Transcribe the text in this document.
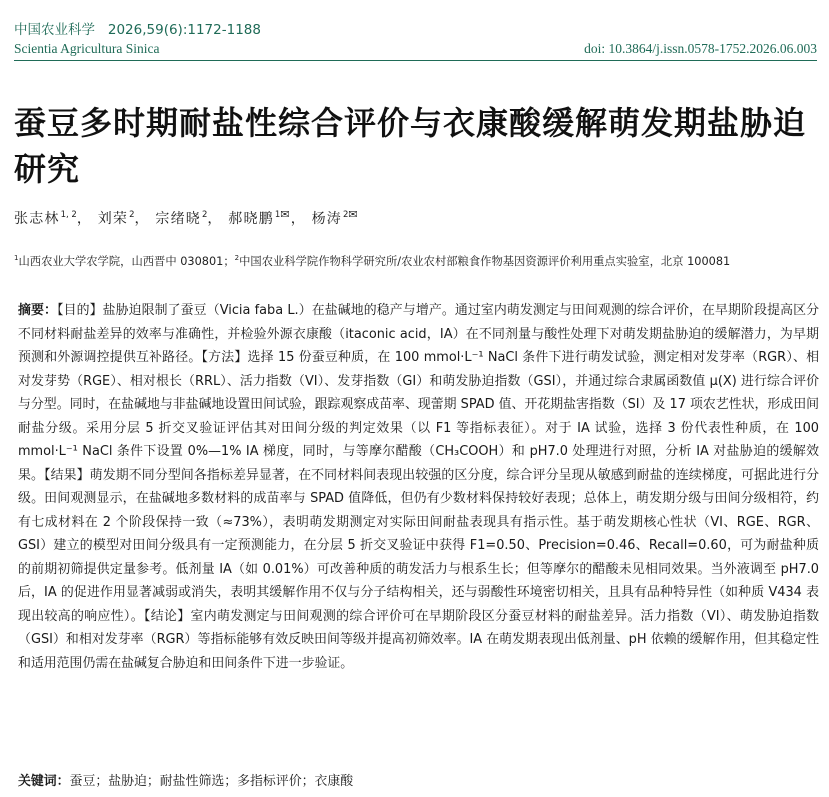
中国农业科学 2026,59(6):1172-1188
Scientia Agricultura Sinica	doi: 10.3864/j.issn.0578-1752.2026.06.003
蚕豆多时期耐盐性综合评价与衣康酸缓解萌发期盐胁迫研究
张志林$^{1, 2}$， 刘荣$^2$， 宗绪晓$^2$， 郝晓鹏$^{1✉}$， 杨涛$^{2✉}$
$^1$山西农业大学农学院，山西晋中 030801；$^2$中国农业科学院作物科学研究所/农业农村部粮食作物基因资源评价利用重点实验室，北京 100081

摘要：【目的】盐胁迫限制了蚕豆（Vicia faba L.）在盐碱地的稳产与增产。通过室内萌发测定与田间观测的综合评价，在早期阶段提高区分不同材料耐盐差异的效率与准确性，并检验外源衣康酸（itaconic acid，IA）在不同剂量与酸性处理下对萌发期盐胁迫的缓解潜力，为早期预测和外源调控提供互补路径。【方法】选择 15 份蚕豆种质，在 100 mmol·L⁻¹ NaCl 条件下进行萌发试验，测定相对发芽率（RGR）、相对发芽势（RGE）、相对根长（RRL）、活力指数（VI）、发芽指数（GI）和萌发胁迫指数（GSI），并通过综合隶属函数值 μ(X) 进行综合评价与分型。同时，在盐碱地与非盐碱地设置田间试验，跟踪观察成苗率、现蕾期 SPAD 值、开花期盐害指数（SI）及 17 项农艺性状，形成田间耐盐分级。采用分层 5 折交叉验证评估其对田间分级的判定效果（以 F1 等指标表征）。对于 IA 试验，选择 3 份代表性种质，在 100 mmol·L⁻¹ NaCl 条件下设置 0%—1% IA 梯度，同时，与等摩尔醋酸（CH₃COOH）和 pH7.0 处理进行对照，分析 IA 对盐胁迫的缓解效果。【结果】萌发期不同分型间各指标差异显著，在不同材料间表现出较强的区分度，综合评分呈现从敏感到耐盐的连续梯度，可据此进行分级。田间观测显示，在盐碱地多数材料的成苗率与 SPAD 值降低，但仍有少数材料保持较好表现；总体上，萌发期分级与田间分级相符，约有七成材料在 2 个阶段保持一致（≈73%），表明萌发期测定对实际田间耐盐表现具有指示性。基于萌发期核心性状（VI、RGE、RGR、GSI）建立的模型对田间分级具有一定预测能力，在分层 5 折交叉验证中获得 F1=0.50、Precision=0.46、Recall=0.60，可为耐盐种质的前期初筛提供定量参考。低剂量 IA（如 0.01%）可改善种质的萌发活力与根系生长；但等摩尔的醋酸未见相同效果。当外液调至 pH7.0 后，IA 的促进作用显著减弱或消失，表明其缓解作用不仅与分子结构相关，还与弱酸性环境密切相关，且具有品种特异性（如种质 V434 表现出较高的响应性）。【结论】室内萌发测定与田间观测的综合评价可在早期阶段区分蚕豆材料的耐盐差异。活力指数（VI）、萌发胁迫指数（GSI）和相对发芽率（RGR）等指标能够有效反映田间等级并提高初筛效率。IA 在萌发期表现出低剂量、pH 依赖的缓解作用，但其稳定性和适用范围仍需在盐碱复合胁迫和田间条件下进一步验证。

关键词：蚕豆；盐胁迫；耐盐性筛选；多指标评价；衣康酸
